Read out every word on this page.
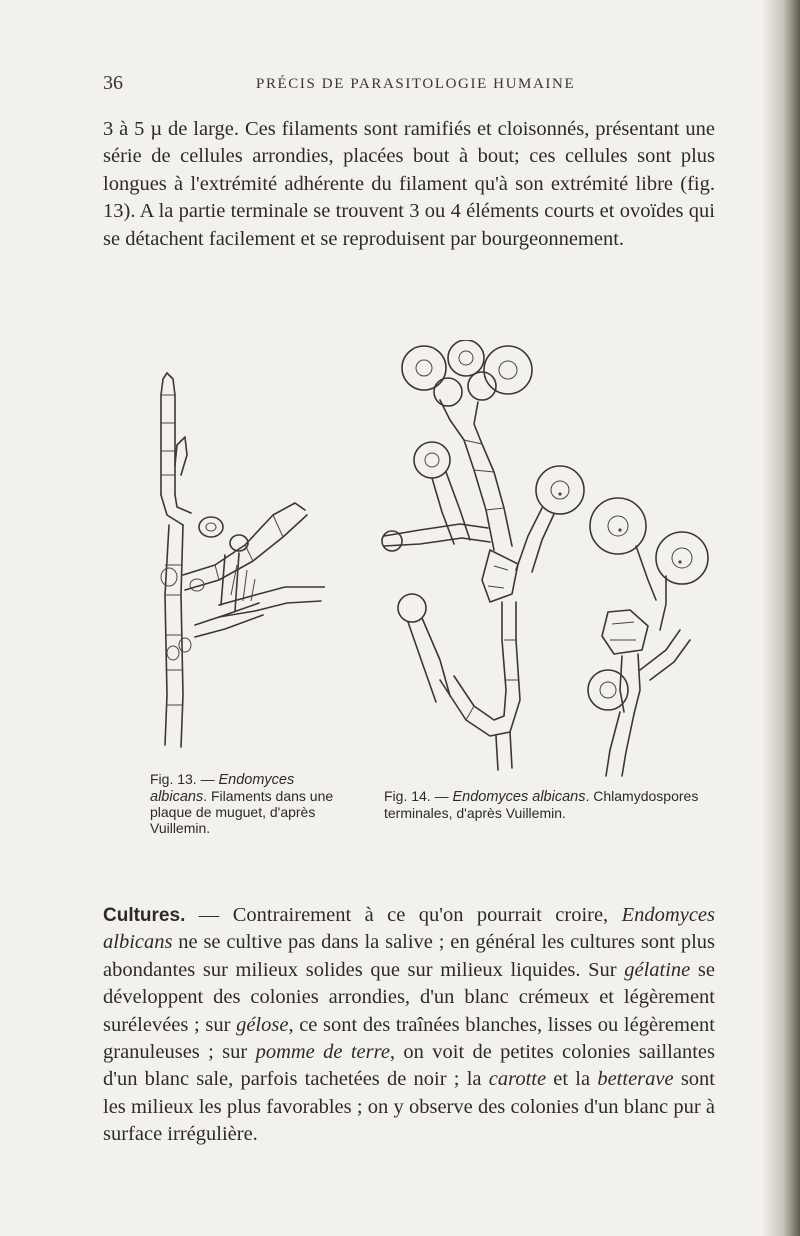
36	PRÉCIS DE PARASITOLOGIE HUMAINE

3 à 5 µ de large. Ces filaments sont ramifiés et cloisonnés, présentant une série de cellules arrondies, placées bout à bout; ces cellules sont plus longues à l'extrémité adhérente du filament qu'à son extrémité libre (fig. 13). A la partie terminale se trouvent 3 ou 4 éléments courts et ovoïdes qui se détachent facilement et se reproduisent par bourgeonnement.

Fig. 13. — Endomyces albicans. Filaments dans une plaque de muguet, d'après Vuillemin.

Fig. 14. — Endomyces albicans. Chlamydospores terminales, d'après Vuillemin.

Cultures. — Contrairement à ce qu'on pourrait croire, Endomyces albicans ne se cultive pas dans la salive ; en général les cultures sont plus abondantes sur milieux solides que sur milieux liquides. Sur gélatine se développent des colonies arrondies, d'un blanc crémeux et légèrement surélevées ; sur gélose, ce sont des traînées blanches, lisses ou légèrement granuleuses ; sur pomme de terre, on voit de petites colonies saillantes d'un blanc sale, parfois tachetées de noir ; la carotte et la betterave sont les milieux les plus favorables ; on y observe des colonies d'un blanc pur à surface irrégulière.
